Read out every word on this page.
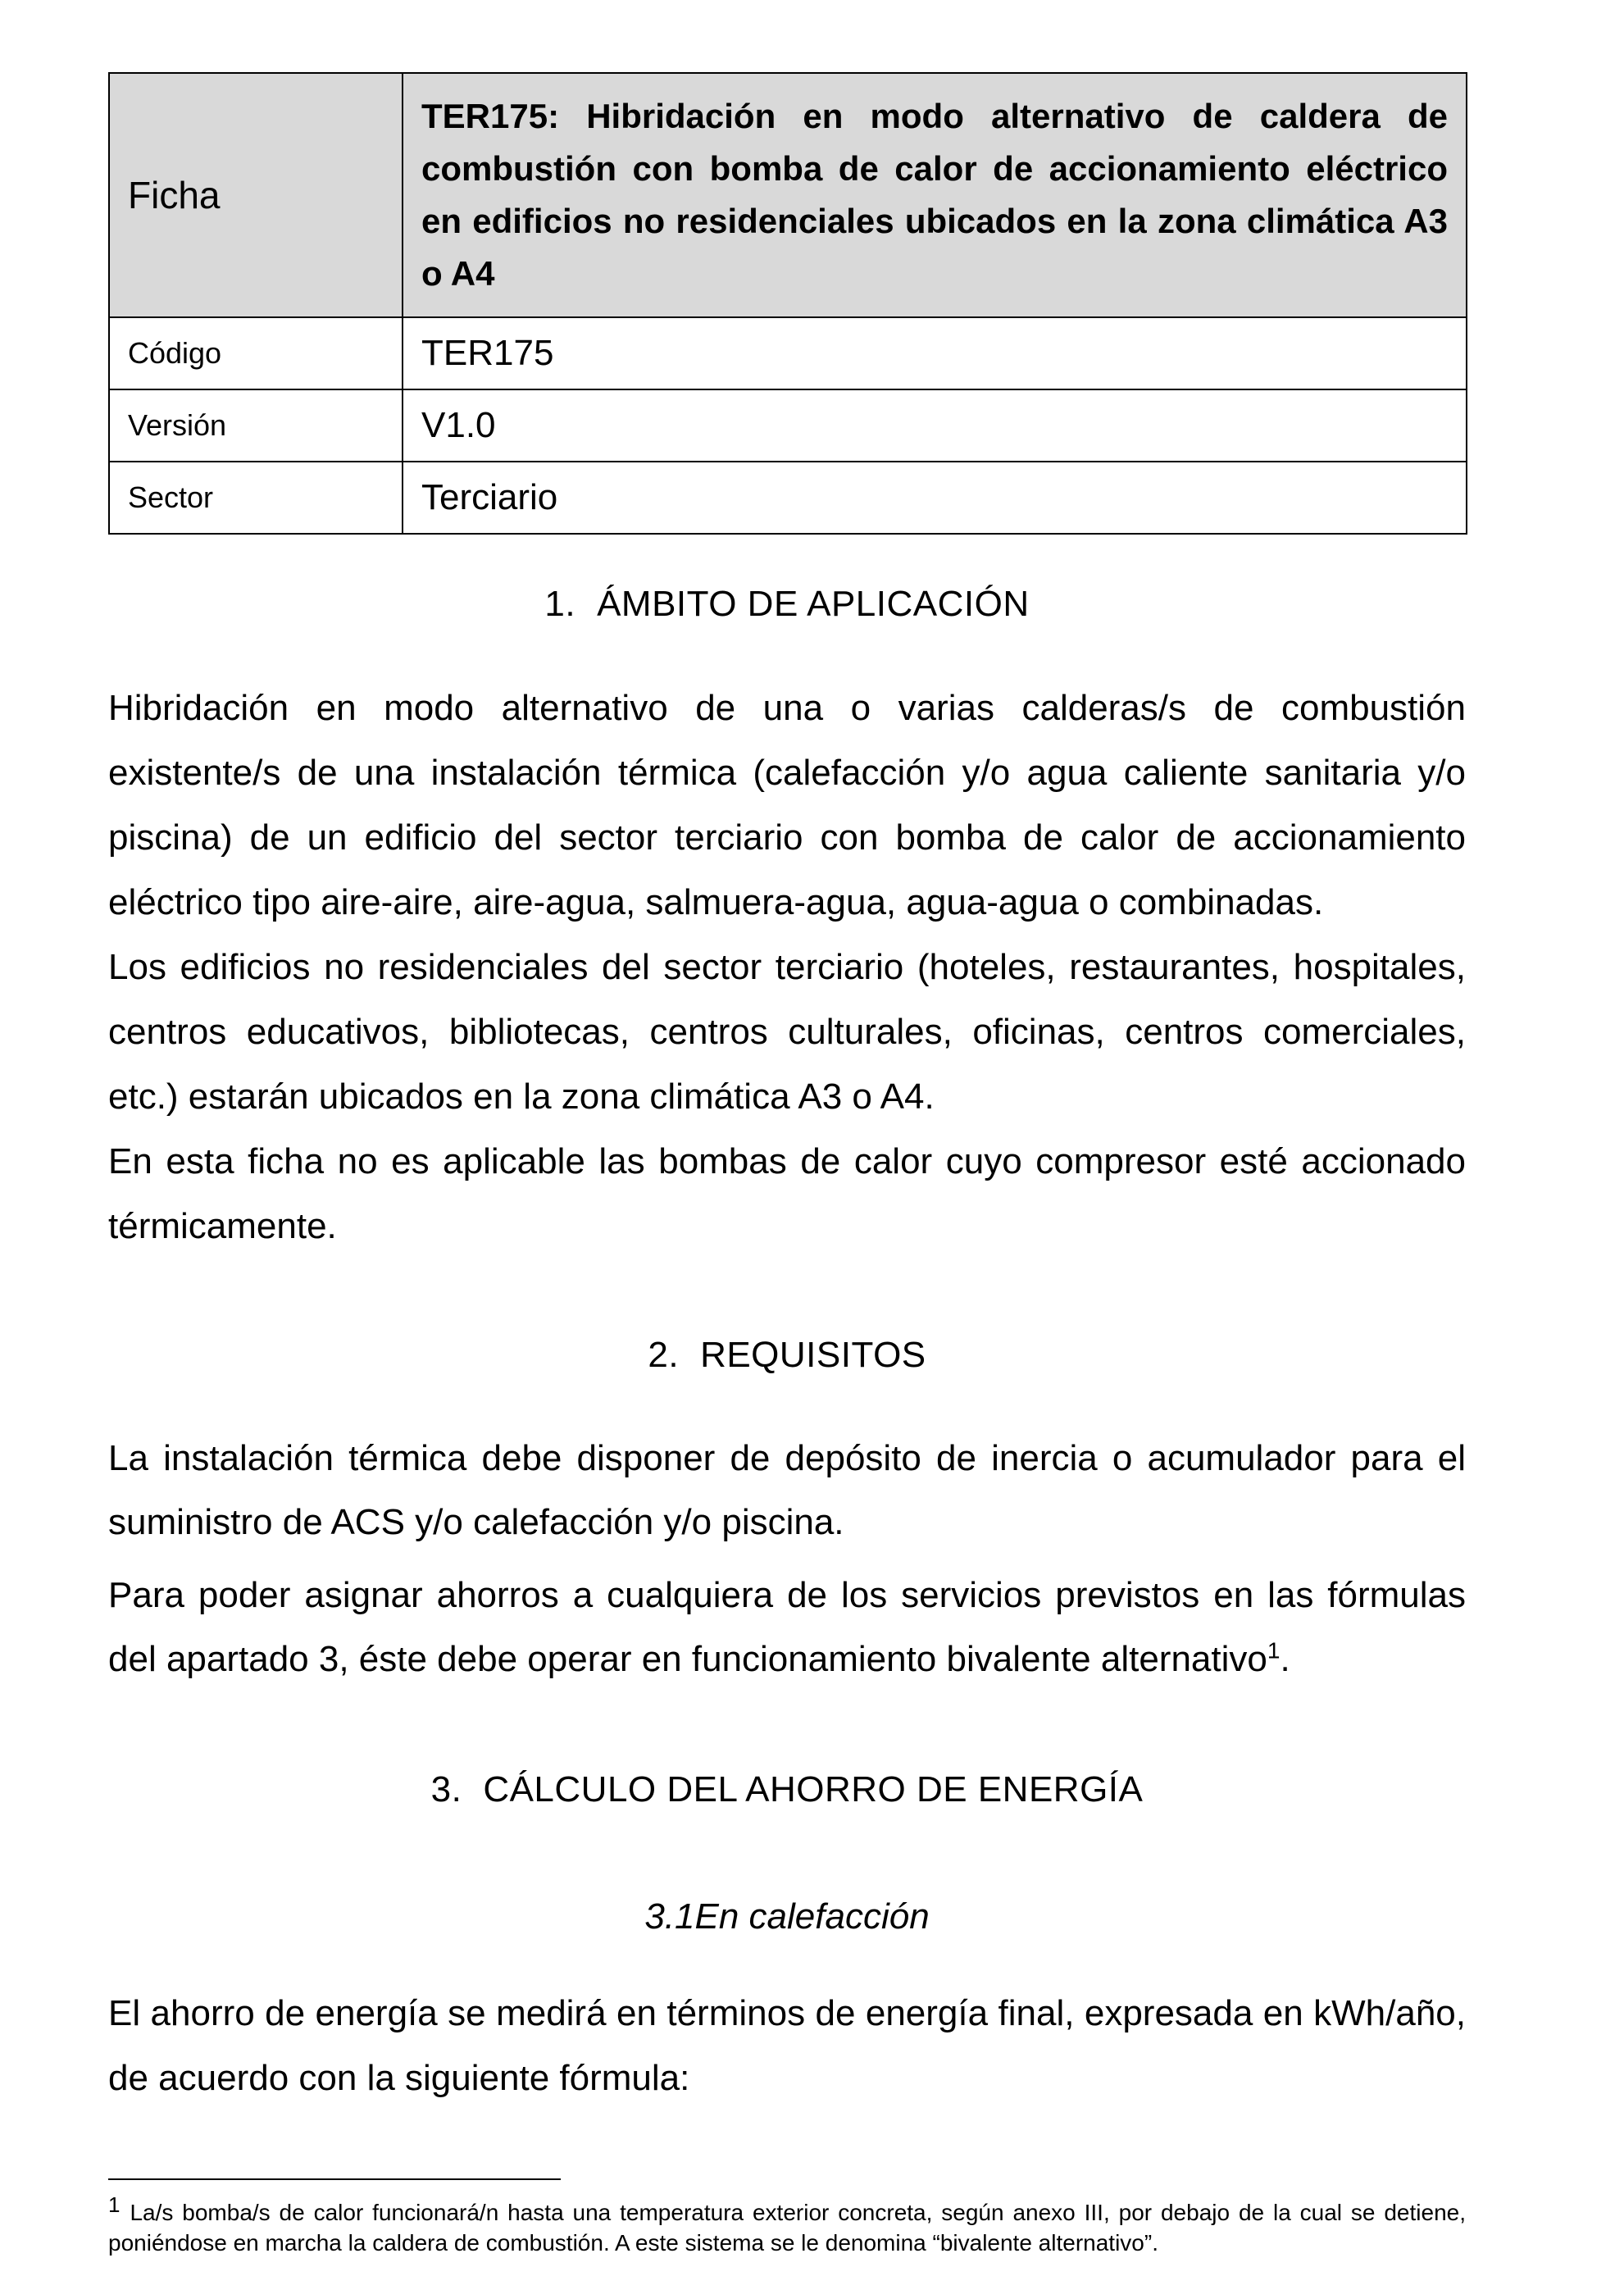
Ficha	TER175: Hibridación en modo alternativo de caldera de combustión con bomba de calor de accionamiento eléctrico en edificios no residenciales ubicados en la zona climática A3 o A4
Código	TER175
Versión	V1.0
Sector	Terciario
1. ÁMBITO DE APLICACIÓN

Hibridación en modo alternativo de una o varias calderas/s de combustión existente/s de una instalación térmica (calefacción y/o agua caliente sanitaria y/o piscina) de un edificio del sector terciario con bomba de calor de accionamiento eléctrico tipo aire-aire, aire-agua, salmuera-agua, agua-agua o combinadas.

Los edificios no residenciales del sector terciario (hoteles, restaurantes, hospitales, centros educativos, bibliotecas, centros culturales, oficinas, centros comerciales, etc.) estarán ubicados en la zona climática A3 o A4.

En esta ficha no es aplicable las bombas de calor cuyo compresor esté accionado térmicamente.

2. REQUISITOS

La instalación térmica debe disponer de depósito de inercia o acumulador para el suministro de ACS y/o calefacción y/o piscina.

Para poder asignar ahorros a cualquiera de los servicios previstos en las fórmulas del apartado 3, éste debe operar en funcionamiento bivalente alternativo$^1$.

3. CÁLCULO DEL AHORRO DE ENERGÍA
3.1En calefacción

El ahorro de energía se medirá en términos de energía final, expresada en kWh/año, de acuerdo con la siguiente fórmula:

1 La/s bomba/s de calor funcionará/n hasta una temperatura exterior concreta, según anexo III, por debajo de la cual se detiene, poniéndose en marcha la caldera de combustión. A este sistema se le denomina “bivalente alternativo”.
